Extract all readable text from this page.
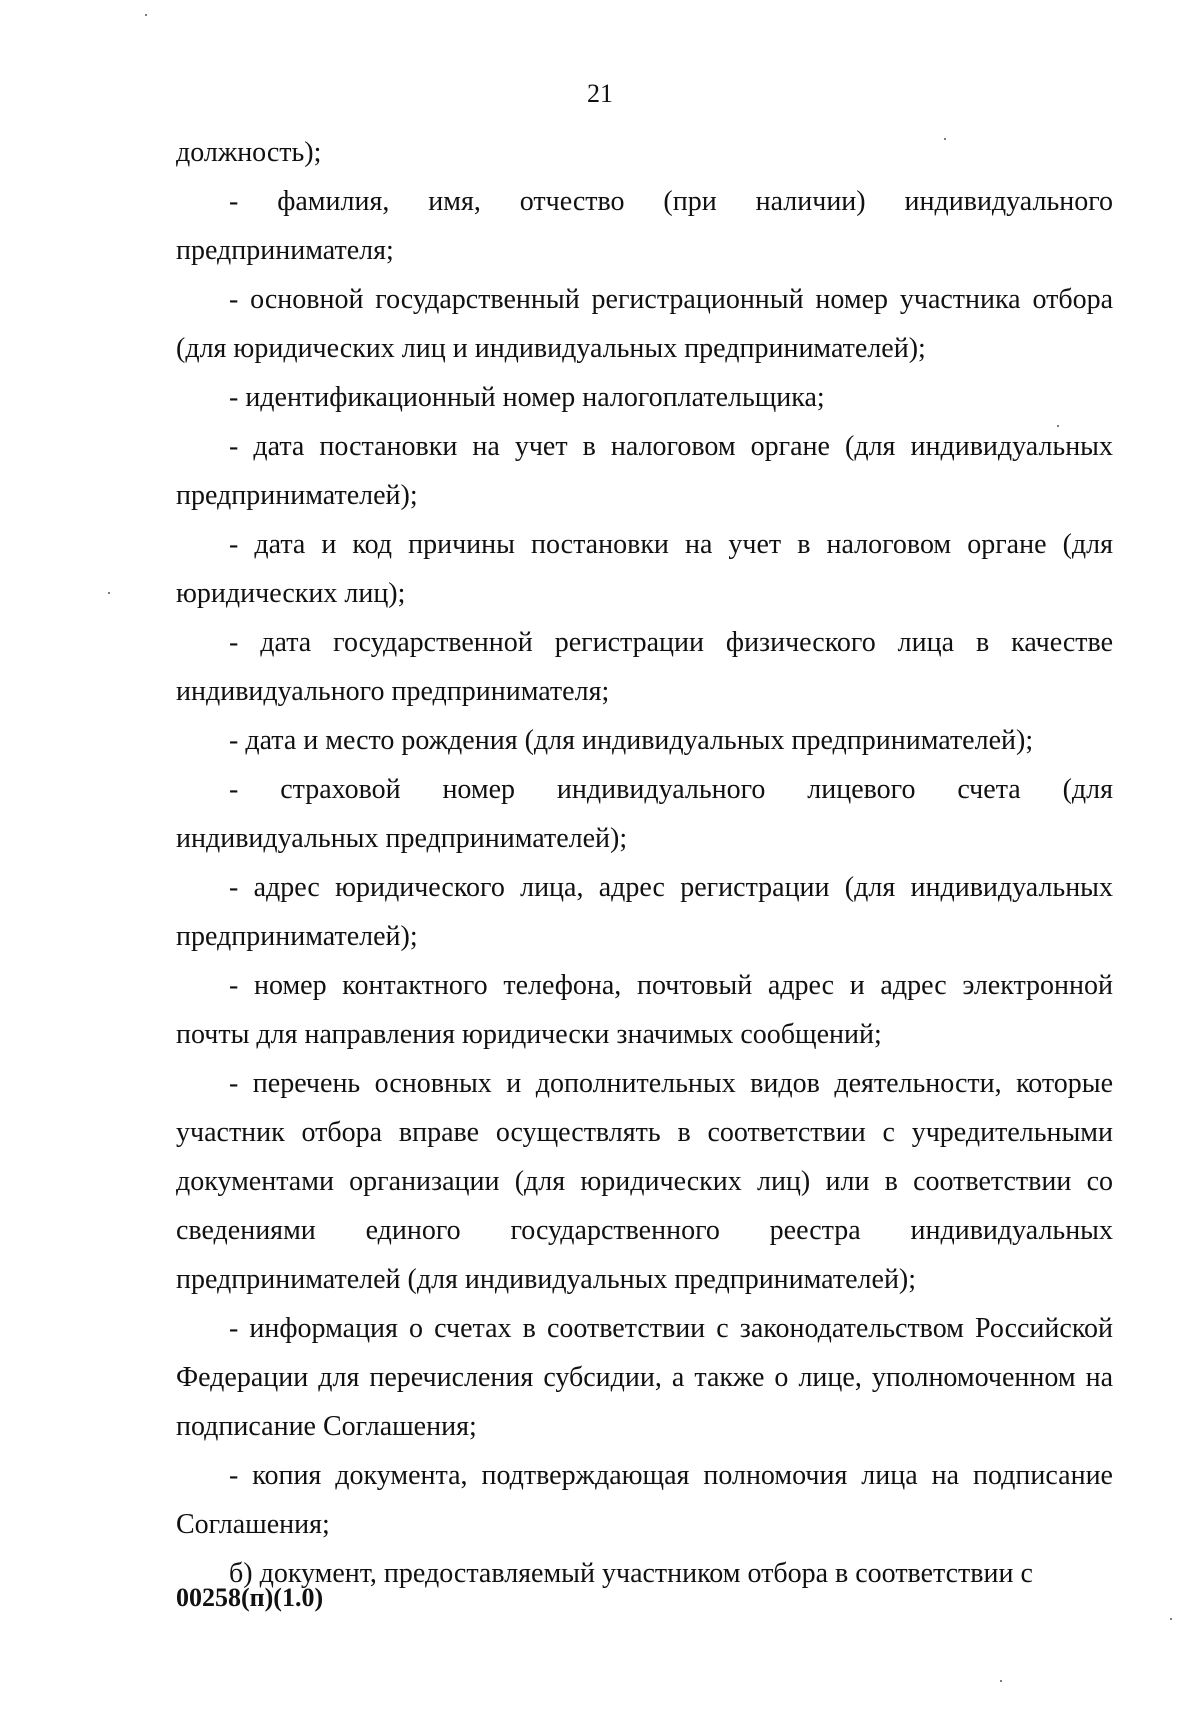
21

должность);

- фамилия, имя, отчество (при наличии) индивидуального предпринимателя;

- основной государственный регистрационный номер участника отбора (для юридических лиц и индивидуальных предпринимателей);

- идентификационный номер налогоплательщика;

- дата постановки на учет в налоговом органе (для индивидуальных предпринимателей);

- дата и код причины постановки на учет в налоговом органе (для юридических лиц);

- дата государственной регистрации физического лица в качестве индивидуального предпринимателя;

- дата и место рождения (для индивидуальных предпринимателей);

- страховой номер индивидуального лицевого счета (для индивидуальных предпринимателей);

- адрес юридического лица, адрес регистрации (для индивидуальных предпринимателей);

- номер контактного телефона, почтовый адрес и адрес электронной почты для направления юридически значимых сообщений;

- перечень основных и дополнительных видов деятельности, которые участник отбора вправе осуществлять в соответствии с учредительными документами организации (для юридических лиц) или в соответствии со сведениями единого государственного реестра индивидуальных предпринимателей (для индивидуальных предпринимателей);

- информация о счетах в соответствии с законодательством Российской Федерации для перечисления субсидии, а также о лице, уполномоченном на подписание Соглашения;

- копия документа, подтверждающая полномочия лица на подписание Соглашения;

б) документ, предоставляемый участником отбора в соответствии с

00258(п)(1.0)
